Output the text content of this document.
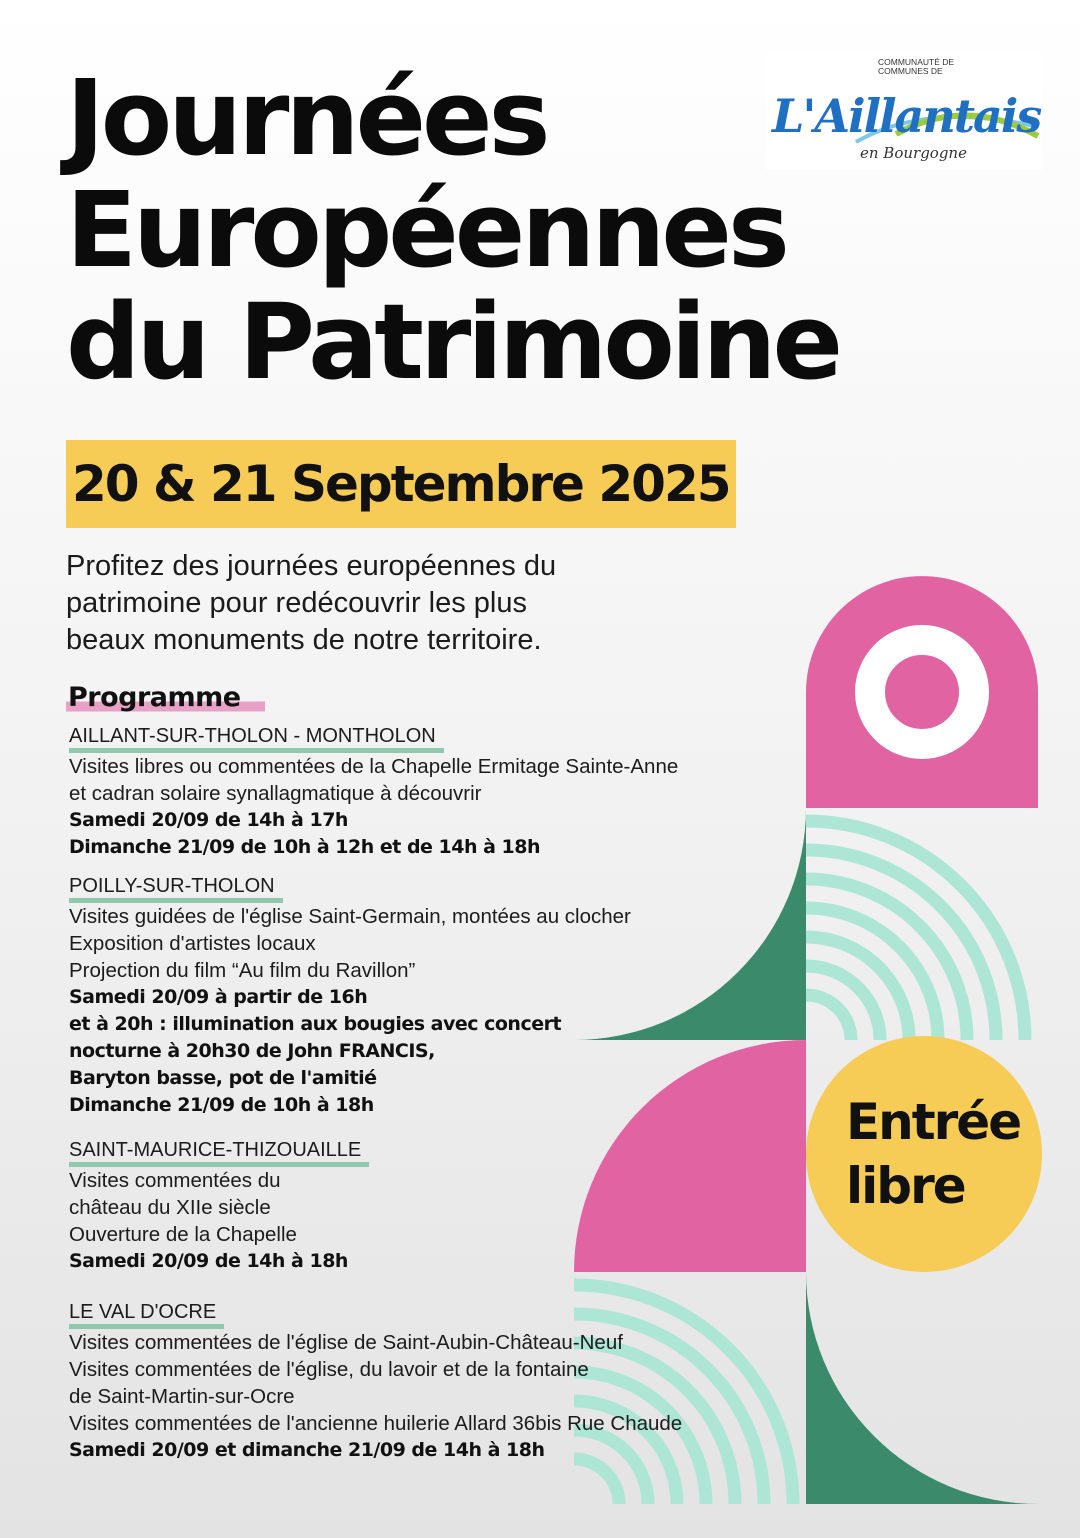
COMMUNAUTÉ DE
COMMUNES DE
L'Aillantais
en Bourgogne
Journées
Européennes
du Patrimoine
20 & 21 Septembre 2025

Profitez des journées européennes du
patrimoine pour redécouvrir les plus
beaux monuments de notre territoire.

Programme
AILLANT-SUR-THOLON - MONTHOLON
Visites libres ou commentées de la Chapelle Ermitage Sainte-Anne
et cadran solaire synallagmatique à découvrir
Samedi 20/09 de 14h à 17h
Dimanche 21/09 de 10h à 12h et de 14h à 18h
POILLY-SUR-THOLON
Visites guidées de l'église Saint-Germain, montées au clocher
Exposition d'artistes locaux
Projection du film “Au film du Ravillon”
Samedi 20/09 à partir de 16h
et à 20h : illumination aux bougies avec concert
nocturne à 20h30 de John FRANCIS,
Baryton basse, pot de l'amitié
Dimanche 21/09 de 10h à 18h
SAINT-MAURICE-THIZOUAILLE
Visites commentées du
château du XIIe siècle
Ouverture de la Chapelle
Samedi 20/09 de 14h à 18h
LE VAL D'OCRE
Visites commentées de l'église de Saint-Aubin-Château-Neuf
Visites commentées de l'église, du lavoir et de la fontaine
de Saint-Martin-sur-Ocre
Visites commentées de l'ancienne huilerie Allard 36bis Rue Chaude
Samedi 20/09 et dimanche 21/09 de 14h à 18h
Entrée
libre
